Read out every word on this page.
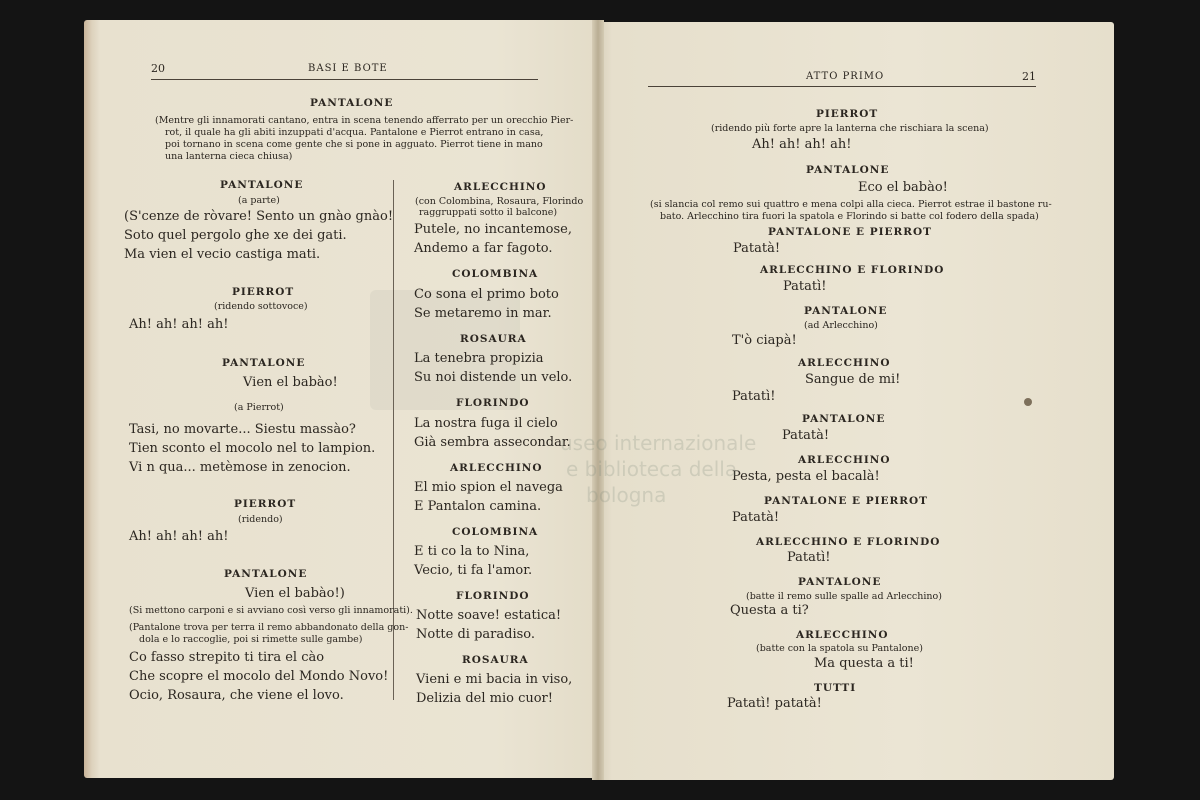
20	BASI E BOTE
PANTALONE
(Mentre gli innamorati cantano, entra in scena tenendo afferrato per un orecchio Pier-
rot, il quale ha gli abiti inzuppati d'acqua. Pantalone e Pierrot entrano in casa,
poi tornano in scena come gente che si pone in agguato. Pierrot tiene in mano
una lanterna cieca chiusa)
PANTALONE
(a parte)
(S'cenze de ròvare! Sento un gnào gnào!
Soto quel pergolo ghe xe dei gati.
Ma vien el vecio castiga mati.
PIERROT
(ridendo sottovoce)
Ah! ah! ah! ah!
PANTALONE
Vien el babào!
(a Pierrot)
Tasi, no movarte... Siestu massào?
Tien sconto el mocolo nel to lampion.
Vi n qua... metèmose in zenocion.
PIERROT
(ridendo)
Ah! ah! ah! ah!
PANTALONE
Vien el babào!)
(Si mettono carponi e si avviano così verso gli innamorati).
(Pantalone trova per terra il remo abbandonato della gon-
dola e lo raccoglie, poi si rimette sulle gambe)
Co fasso strepito ti tira el cào
Che scopre el mocolo del Mondo Novo!
Ocio, Rosaura, che viene el lovo.
ARLECCHINO
(con Colombina, Rosaura, Florindo
raggruppati sotto il balcone)
Putele, no incantemose,
Andemo a far fagoto.
COLOMBINA
Co sona el primo boto
Se metaremo in mar.
ROSAURA
La tenebra propizia
Su noi distende un velo.
FLORINDO
La nostra fuga il cielo
Già sembra assecondar.
ARLECCHINO
El mio spion el navega
E Pantalon camina.
COLOMBINA
E ti co la to Nina,
Vecio, ti fa l'amor.
FLORINDO
Notte soave! estatica!
Notte di paradiso.
ROSAURA
Vieni e mi bacia in viso,
Delizia del mio cuor!
ATTO PRIMO	21
PIERROT
(ridendo più forte apre la lanterna che rischiara la scena)
Ah! ah! ah! ah!
PANTALONE
Eco el babào!
(si slancia col remo sui quattro e mena colpi alla cieca. Pierrot estrae il bastone ru-
bato. Arlecchino tira fuori la spatola e Florindo si batte col fodero della spada)
PANTALONE E PIERROT
Patatà!
ARLECCHINO E FLORINDO
Patatì!
PANTALONE
(ad Arlecchino)
T'ò ciapà!
ARLECCHINO
Sangue de mi!
Patatì!
PANTALONE
Patatà!
ARLECCHINO
Pesta, pesta el bacalà!
PANTALONE E PIERROT
Patatà!
ARLECCHINO E FLORINDO
Patatì!
PANTALONE
(batte il remo sulle spalle ad Arlecchino)
Questa a ti?
ARLECCHINO
(batte con la spatola su Pantalone)
Ma questa a ti!
TUTTI
Patatì! patatà!
useo internazionale
e biblioteca della
bologna
